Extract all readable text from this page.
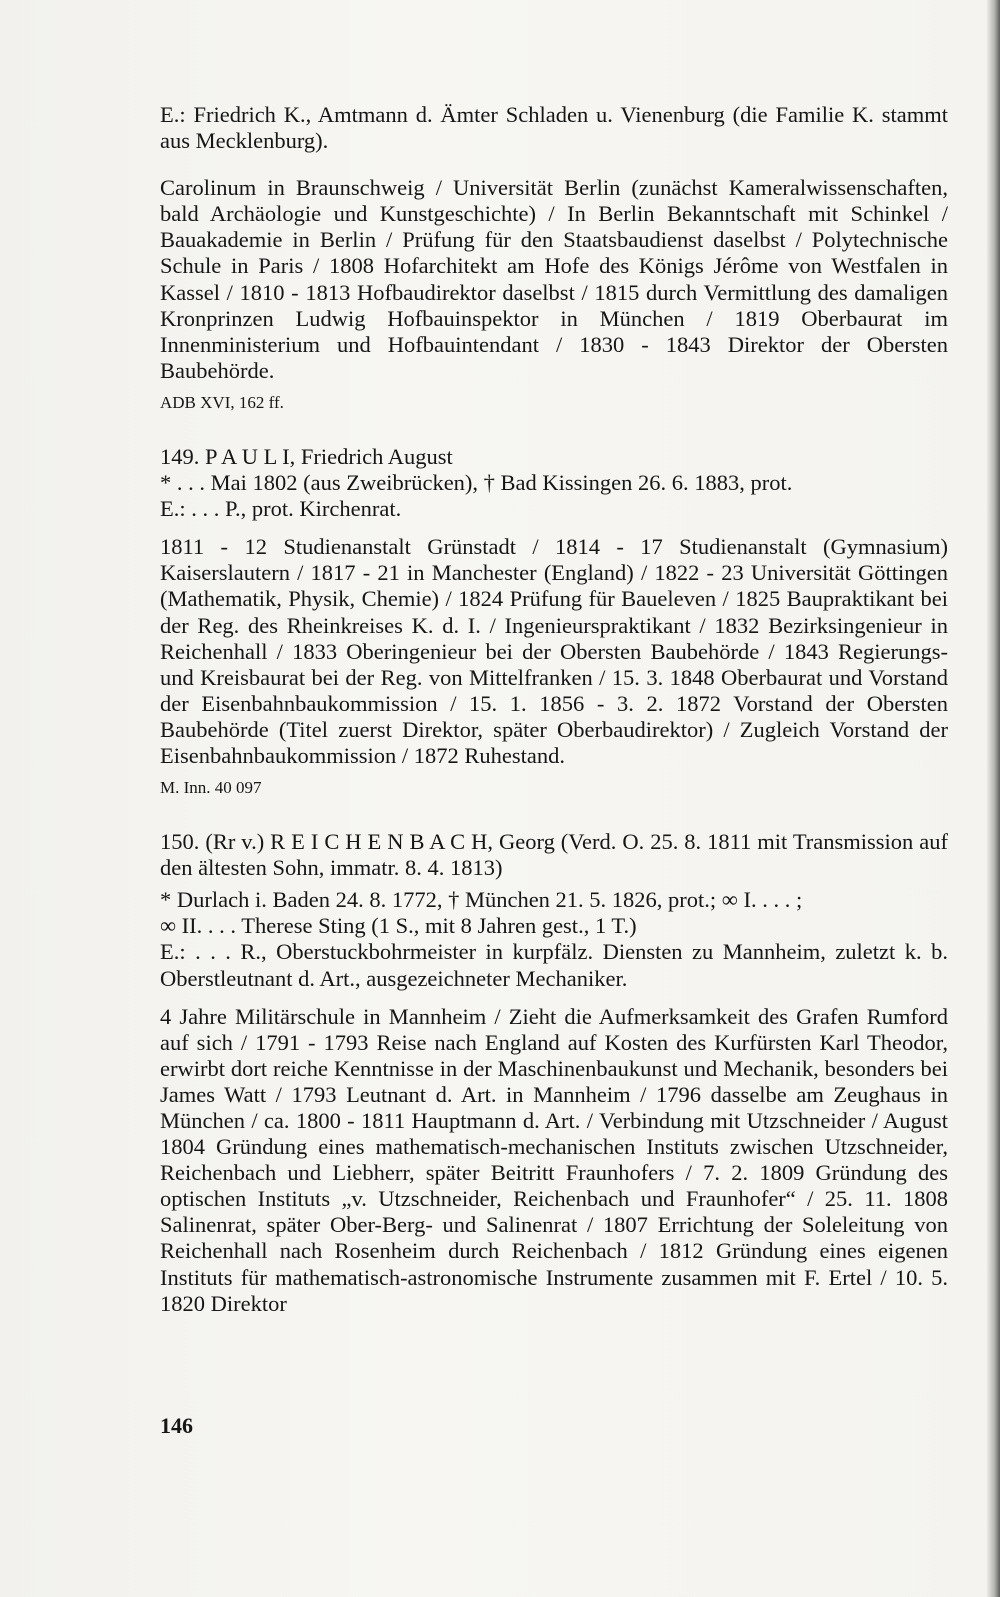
E.: Friedrich K., Amtmann d. Ämter Schladen u. Vienenburg (die Familie K. stammt aus Mecklenburg).

Carolinum in Braunschweig / Universität Berlin (zunächst Kameralwissenschaften, bald Archäologie und Kunstgeschichte) / In Berlin Bekanntschaft mit Schinkel / Bauakademie in Berlin / Prüfung für den Staatsbaudienst daselbst / Polytechnische Schule in Paris / 1808 Hofarchitekt am Hofe des Königs Jérôme von Westfalen in Kassel / 1810 - 1813 Hofbaudirektor daselbst / 1815 durch Vermittlung des damaligen Kronprinzen Ludwig Hofbauinspektor in München / 1819 Oberbaurat im Innenministerium und Hofbauintendant / 1830 - 1843 Direktor der Obersten Baubehörde.

ADB XVI, 162 ff.

149. P A U L I, Friedrich August

* . . . Mai 1802 (aus Zweibrücken), † Bad Kissingen 26. 6. 1883, prot.

E.: . . . P., prot. Kirchenrat.

1811 - 12 Studienanstalt Grünstadt / 1814 - 17 Studienanstalt (Gymnasium) Kaiserslautern / 1817 - 21 in Manchester (England) / 1822 - 23 Universität Göttingen (Mathematik, Physik, Chemie) / 1824 Prüfung für Baueleven / 1825 Baupraktikant bei der Reg. des Rheinkreises K. d. I. / Ingenieurspraktikant / 1832 Bezirksingenieur in Reichenhall / 1833 Oberingenieur bei der Obersten Baubehörde / 1843 Regierungs- und Kreisbaurat bei der Reg. von Mittelfranken / 15. 3. 1848 Oberbaurat und Vorstand der Eisenbahnbaukommission / 15. 1. 1856 - 3. 2. 1872 Vorstand der Obersten Baubehörde (Titel zuerst Direktor, später Oberbaudirektor) / Zugleich Vorstand der Eisenbahnbaukommission / 1872 Ruhestand.

M. Inn. 40 097

150. (Rr v.) R E I C H E N B A C H, Georg (Verd. O. 25. 8. 1811 mit Transmission auf den ältesten Sohn, immatr. 8. 4. 1813)

* Durlach i. Baden 24. 8. 1772, † München 21. 5. 1826, prot.; ∞ I. . . . ;

∞ II. . . . Therese Sting (1 S., mit 8 Jahren gest., 1 T.)

E.: . . . R., Oberstuckbohrmeister in kurpfälz. Diensten zu Mannheim, zuletzt k. b. Oberstleutnant d. Art., ausgezeichneter Mechaniker.

4 Jahre Militärschule in Mannheim / Zieht die Aufmerksamkeit des Grafen Rumford auf sich / 1791 - 1793 Reise nach England auf Kosten des Kurfürsten Karl Theodor, erwirbt dort reiche Kenntnisse in der Maschinenbaukunst und Mechanik, besonders bei James Watt / 1793 Leutnant d. Art. in Mannheim / 1796 dasselbe am Zeughaus in München / ca. 1800 - 1811 Hauptmann d. Art. / Verbindung mit Utzschneider / August 1804 Gründung eines mathematisch-mechanischen Instituts zwischen Utzschneider, Reichenbach und Liebherr, später Beitritt Fraunhofers / 7. 2. 1809 Gründung des optischen Instituts „v. Utzschneider, Reichenbach und Fraunhofer“ / 25. 11. 1808 Salinenrat, später Ober-Berg- und Salinenrat / 1807 Errichtung der Soleleitung von Reichenhall nach Rosenheim durch Reichenbach / 1812 Gründung eines eigenen Instituts für mathematisch-astronomische Instrumente zusammen mit F. Ertel / 10. 5. 1820 Direktor

146
